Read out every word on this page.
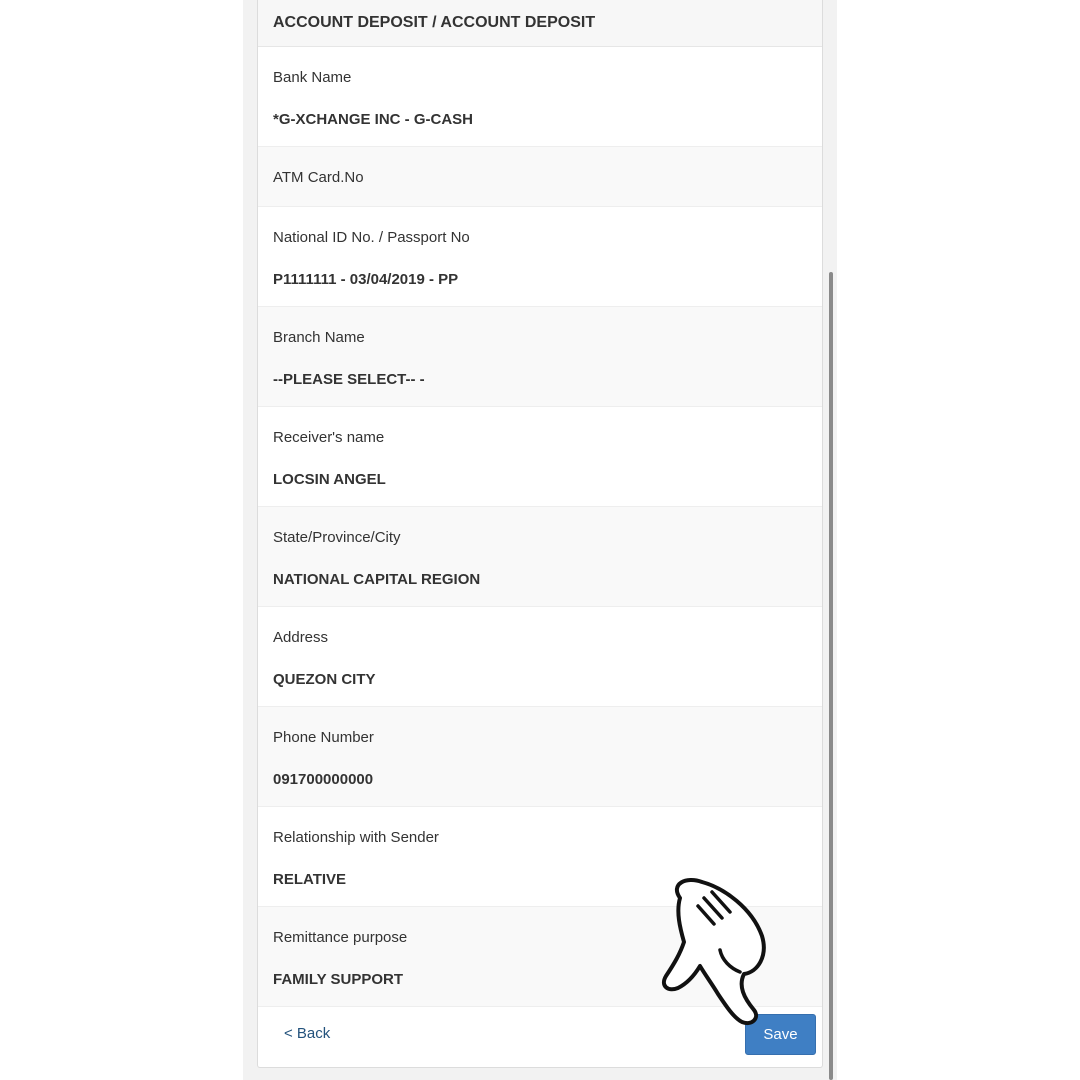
ACCOUNT DEPOSIT / ACCOUNT DEPOSIT
Bank Name
*G-XCHANGE INC - G-CASH
ATM Card.No
National ID No. / Passport No
P1111111 - 03/04/2019 - PP
Branch Name
--PLEASE SELECT-- -
Receiver's name
LOCSIN ANGEL
State/Province/City
NATIONAL CAPITAL REGION
Address
QUEZON CITY
Phone Number
091700000000
Relationship with Sender
RELATIVE
Remittance purpose
FAMILY SUPPORT
< Back	Save
